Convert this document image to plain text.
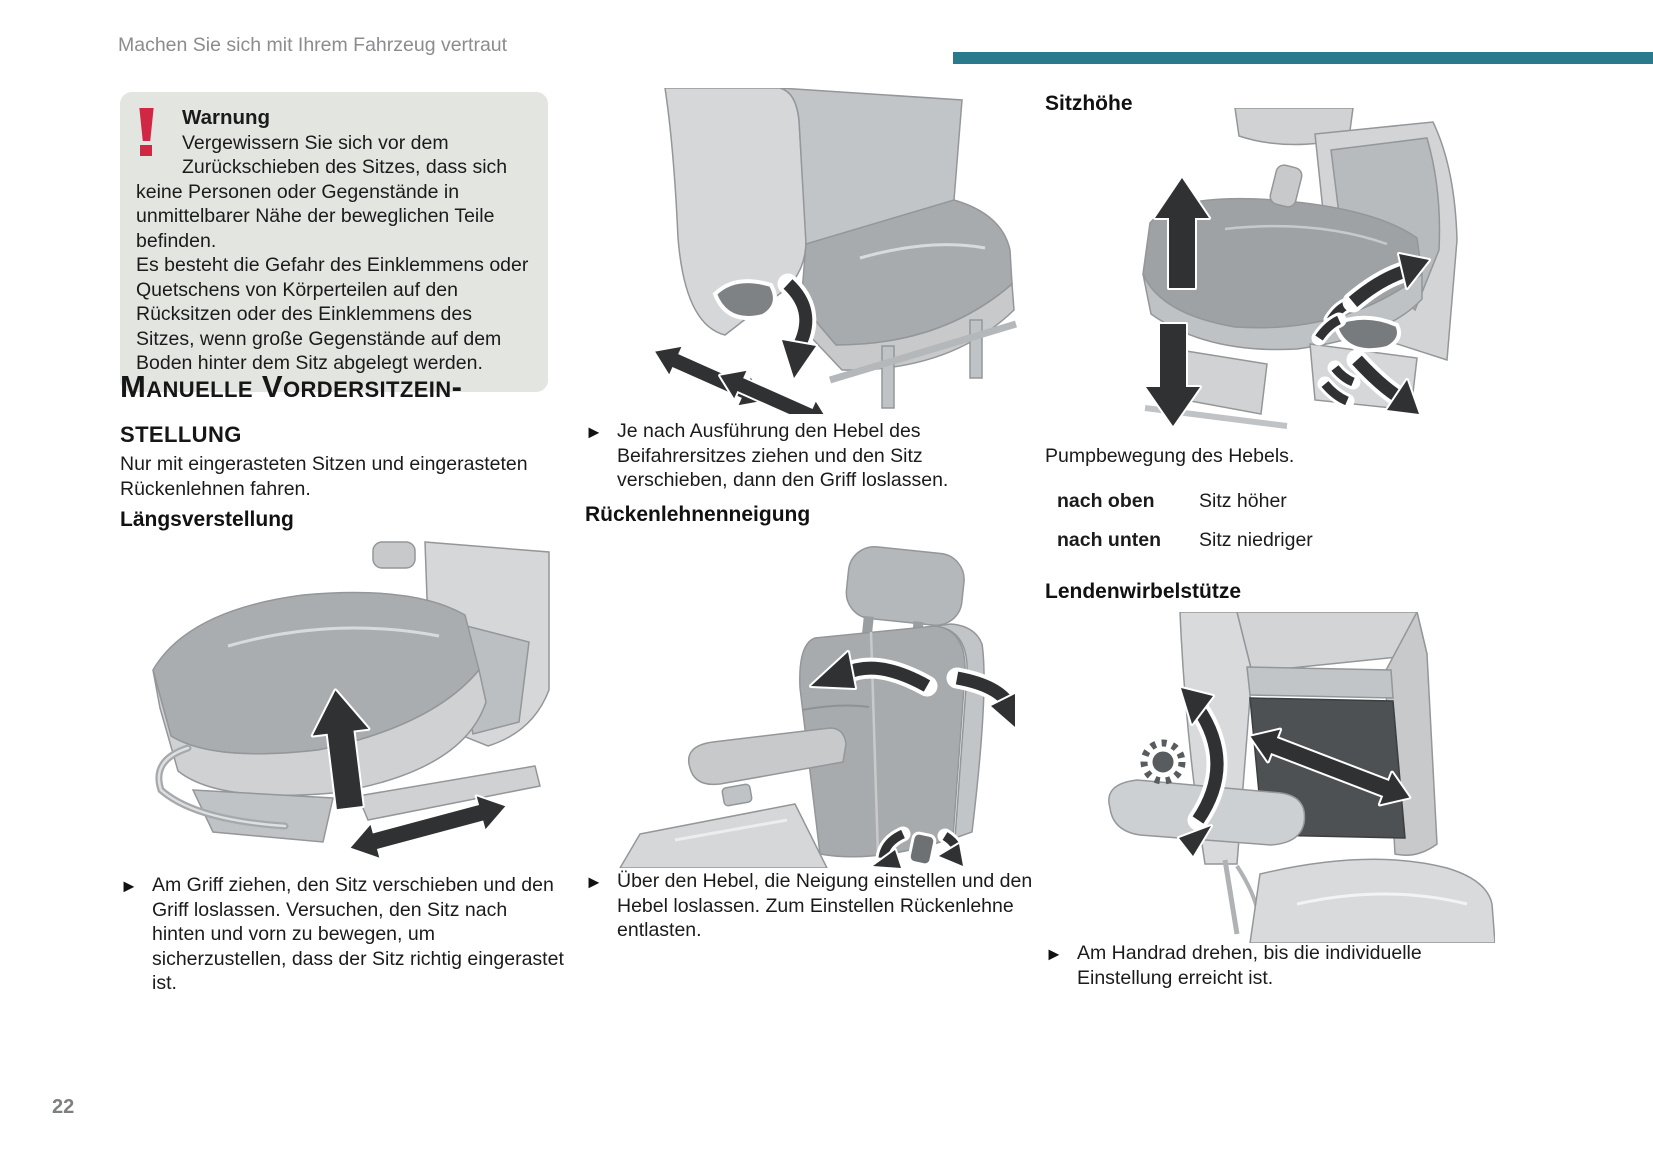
Machen Sie sich mit Ihrem Fahrzeug vertraut
Warnung
Vergewissern Sie sich vor dem Zurückschieben des Sitzes, dass sich keine Personen oder Gegenstände in unmittelbarer Nähe der beweglichen Teile befinden.
Es besteht die Gefahr des Einklemmens oder Quetschens von Körperteilen auf den Rücksitzen oder des Einklemmens des Sitzes, wenn große Gegenstände auf dem Boden hinter dem Sitz abgelegt werden.
Manuelle Vordersitzein-
stellung
Nur mit eingerasteten Sitzen und eingerasteten Rückenlehnen fahren.
Längsverstellung
► Am Griff ziehen, den Sitz verschieben und den Griff loslassen. Versuchen, den Sitz nach hinten und vorn zu bewegen, um sicherzustellen, dass der Sitz richtig eingerastet ist.
► Je nach Ausführung den Hebel des Beifahrersitzes ziehen und den Sitz verschieben, dann den Griff loslassen.
Rückenlehnenneigung
► Über den Hebel, die Neigung einstellen und den Hebel loslassen. Zum Einstellen Rückenlehne entlasten.
Sitzhöhe
Pumpbewegung des Hebels.
nach oben	Sitz höher
nach unten	Sitz niedriger
Lendenwirbelstütze
► Am Handrad drehen, bis die individuelle Einstellung erreicht ist.
22
